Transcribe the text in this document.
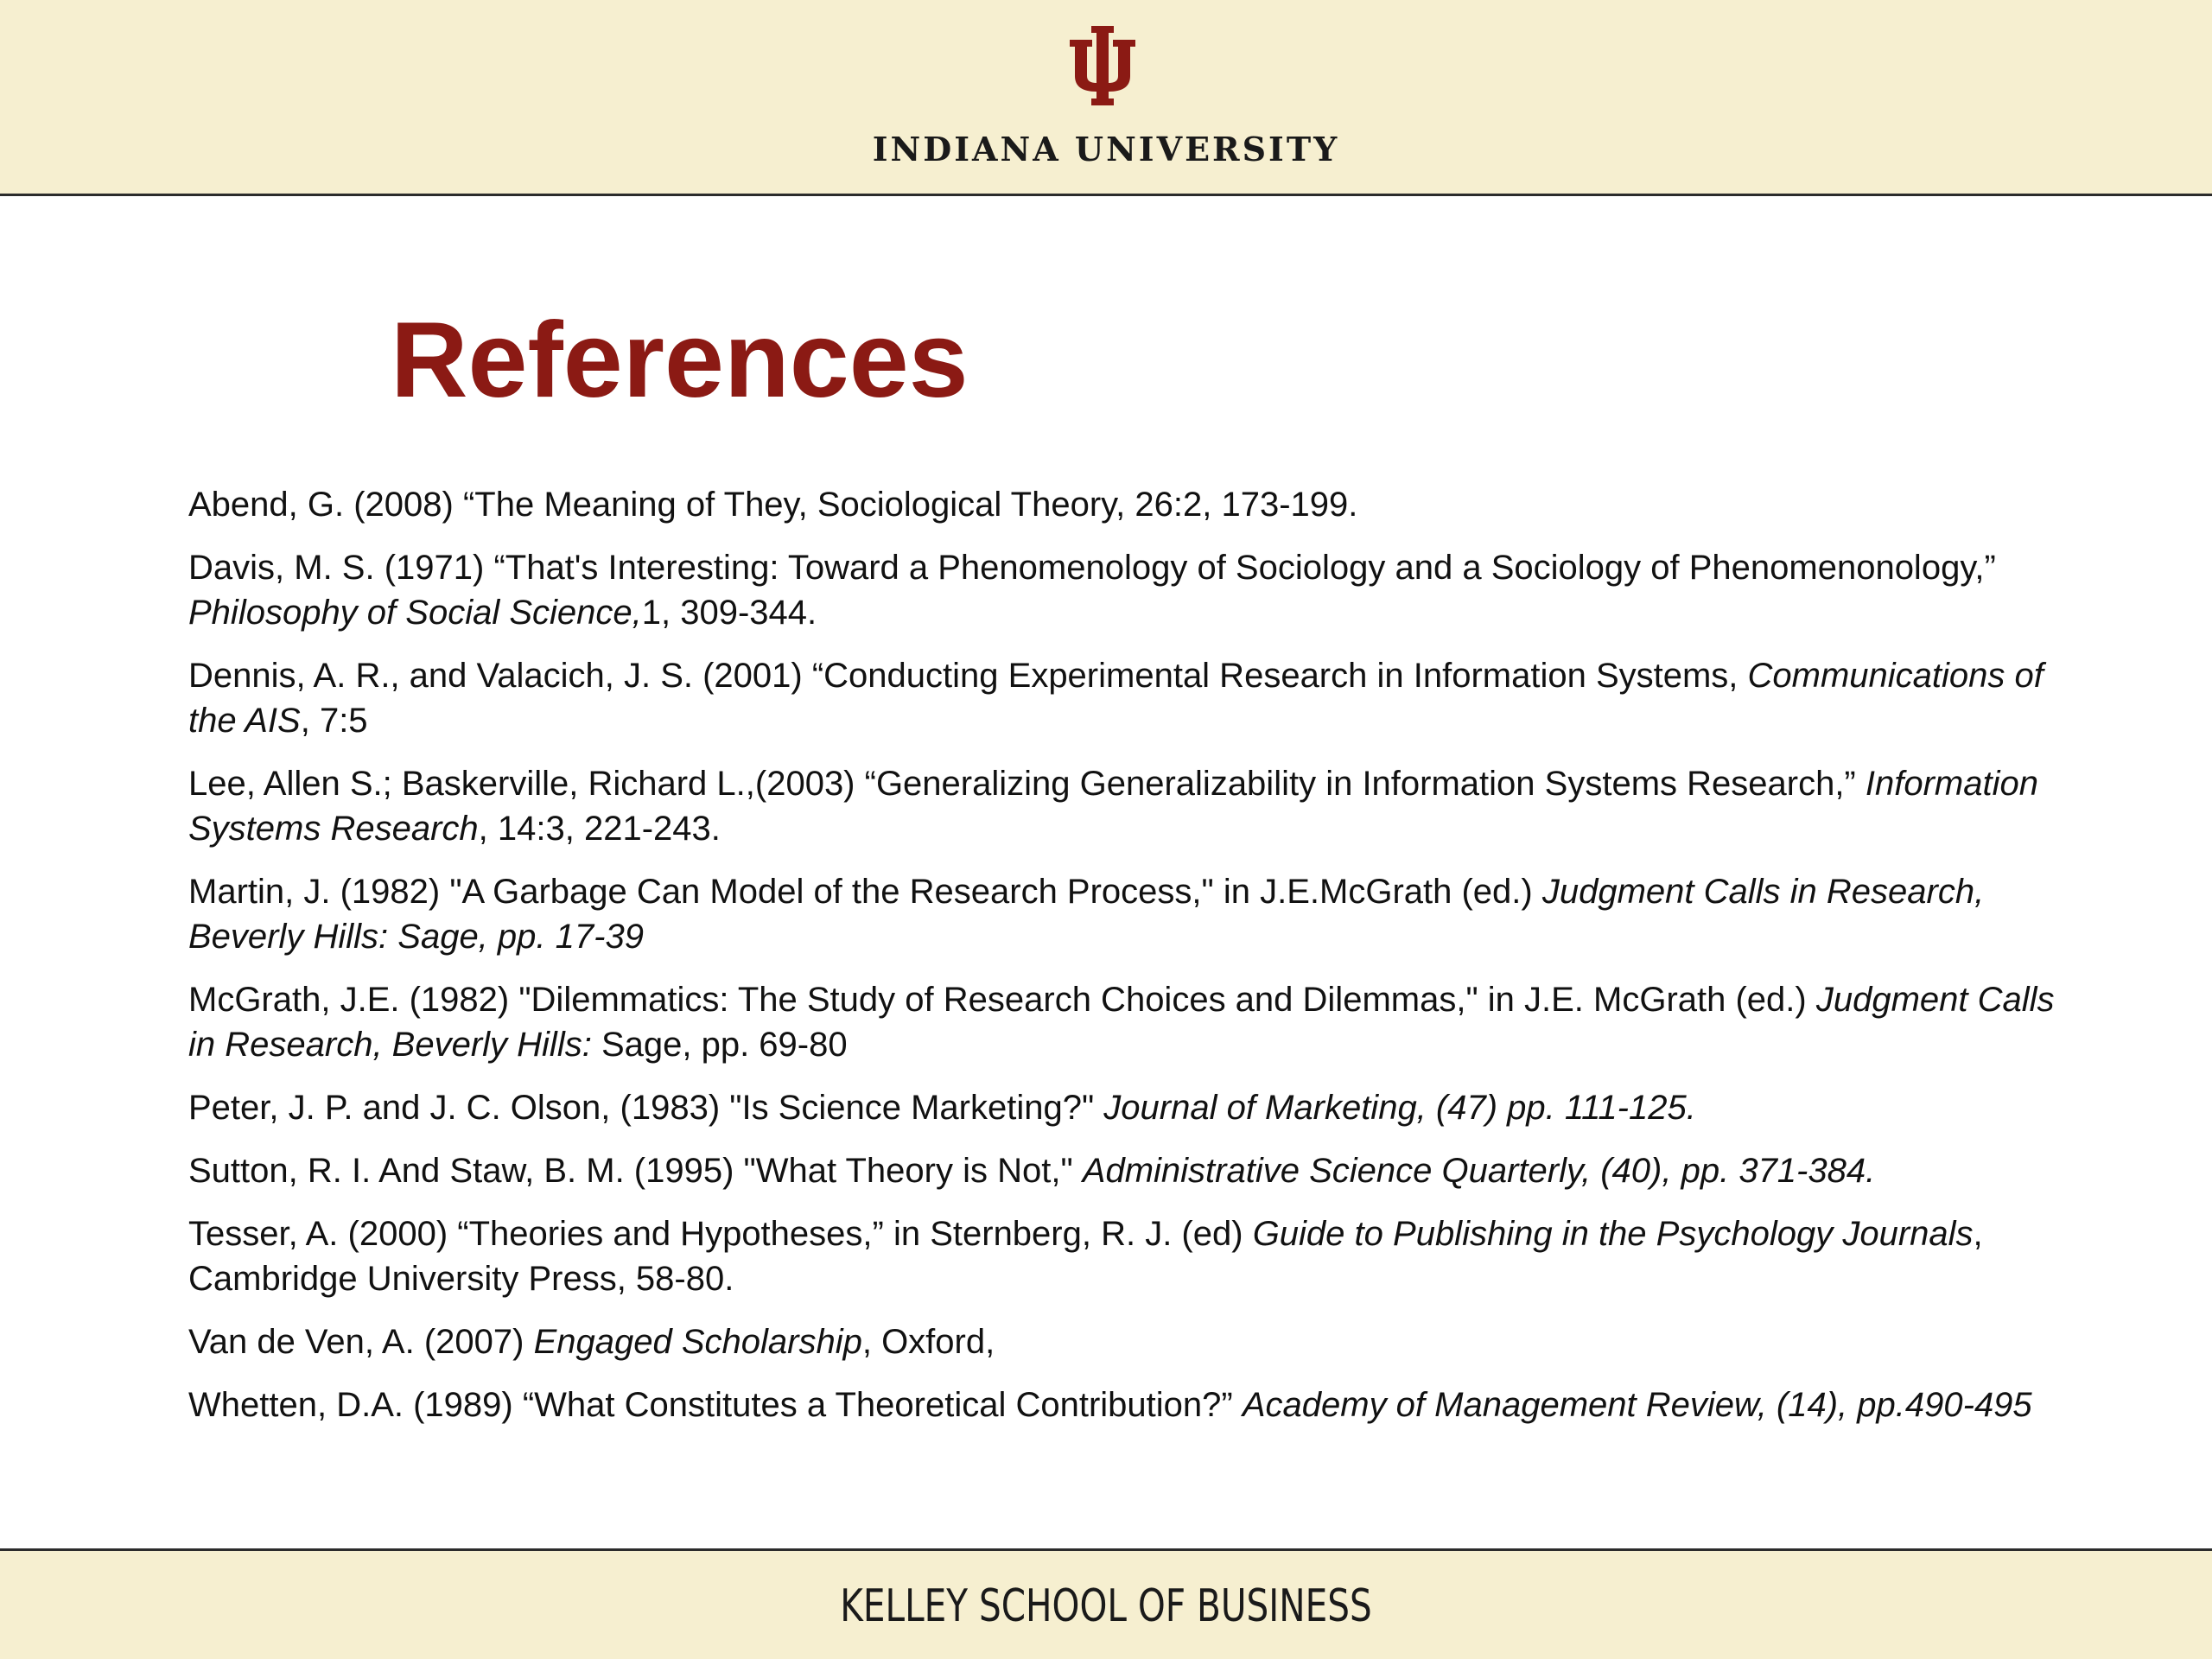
INDIANA UNIVERSITY
References

Abend, G. (2008) “The Meaning of They, Sociological Theory, 26:2, 173-199.

Davis, M. S. (1971) “That's Interesting: Toward a Phenomenology of Sociology and a Sociology of Phenomenonology,” Philosophy of Social Science,1, 309-344.

Dennis, A. R., and Valacich, J. S. (2001) “Conducting Experimental Research in Information Systems, Communications of the AIS, 7:5

Lee, Allen S.; Baskerville, Richard L.,(2003) “Generalizing Generalizability in Information Systems Research,” Information Systems Research, 14:3, 221-243.

Martin, J. (1982) "A Garbage Can Model of the Research Process," in J.E.McGrath (ed.) Judgment Calls in Research, Beverly Hills: Sage, pp. 17-39

McGrath, J.E. (1982) "Dilemmatics: The Study of Research Choices and Dilemmas," in J.E. McGrath (ed.) Judgment Calls in Research, Beverly Hills: Sage, pp. 69-80

Peter, J. P. and J. C. Olson, (1983) "Is Science Marketing?" Journal of Marketing, (47) pp. 111-125.

Sutton, R. I. And Staw, B. M. (1995) "What Theory is Not," Administrative Science Quarterly, (40), pp. 371-384.

Tesser, A. (2000) “Theories and Hypotheses,” in Sternberg, R. J. (ed) Guide to Publishing in the Psychology Journals, Cambridge University Press, 58-80.

Van de Ven, A. (2007) Engaged Scholarship, Oxford,

Whetten, D.A. (1989) “What Constitutes a Theoretical Contribution?” Academy of Management Review, (14), pp.490-495

KELLEY SCHOOL OF BUSINESS
